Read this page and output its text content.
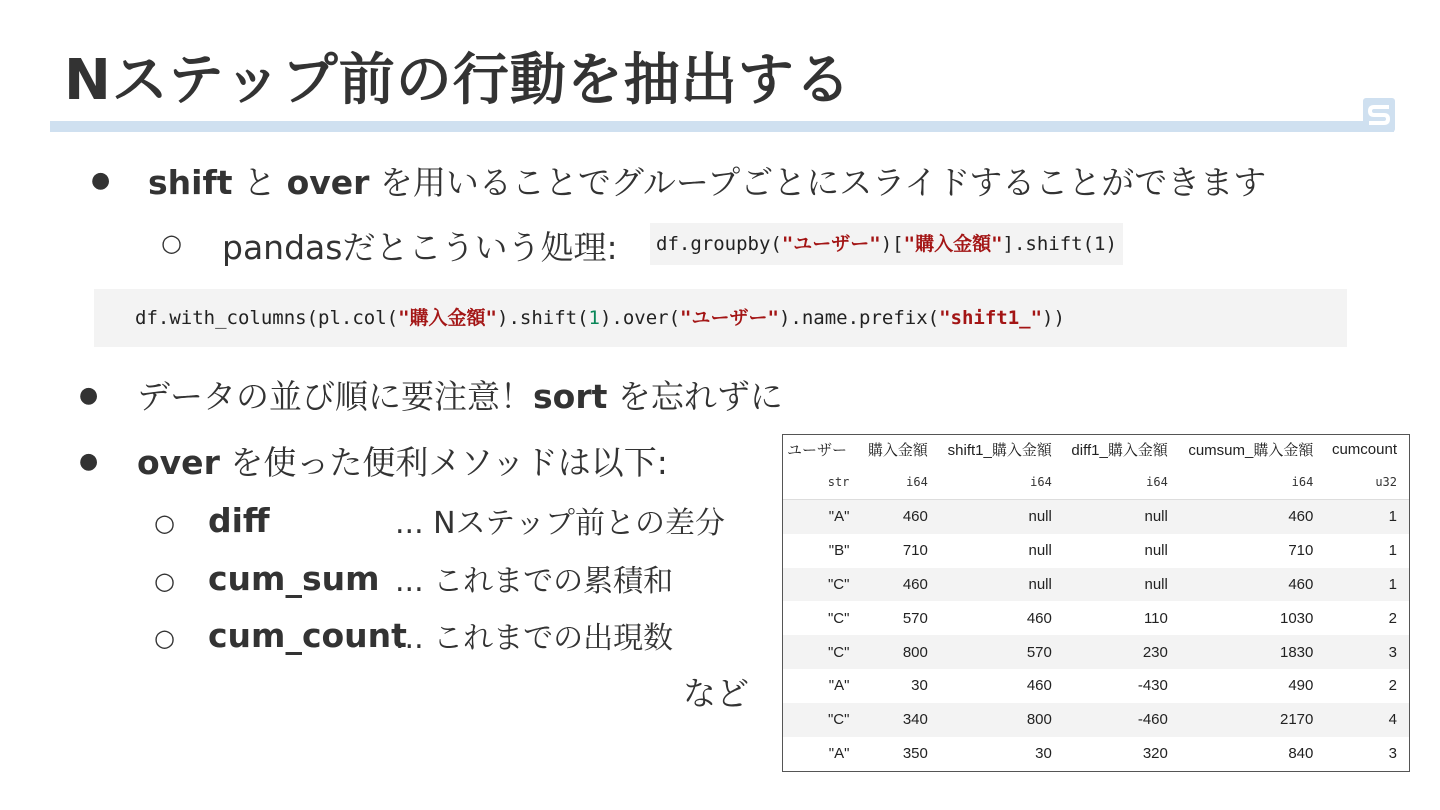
Nステップ前の行動を抽出する
● shift と over を用いることでグループごとにスライドすることができます
○ pandasだとこういう処理:	df.groupby("ユーザー")["購入金額"].shift(1)
df.with_columns(pl.col("購入金額").shift(1).over("ユーザー").name.prefix("shift1_"))
● データの並び順に要注意！sort を忘れずに
● over を使った便利メソッドは以下:
○ diff	... Nステップ前との差分
○ cum_sum ... これまでの累積和
○ cum_count
... これまでの出現数
など
ユーザー	購入金額	shift1_購入金額	diff1_購入金額	cumsum_購入金額	cumcount
str	i64	i64	i64	i64	u32
"A"	460	null	null	460	1
"B"	710	null	null	710	1
"C"	460	null	null	460	1
"C"	570	460	110	1030	2
"C"	800	570	230	1830	3
"A"	30	460	-430	490	2
"C"	340	800	-460	2170	4
"A"	350	30	320	840	3
